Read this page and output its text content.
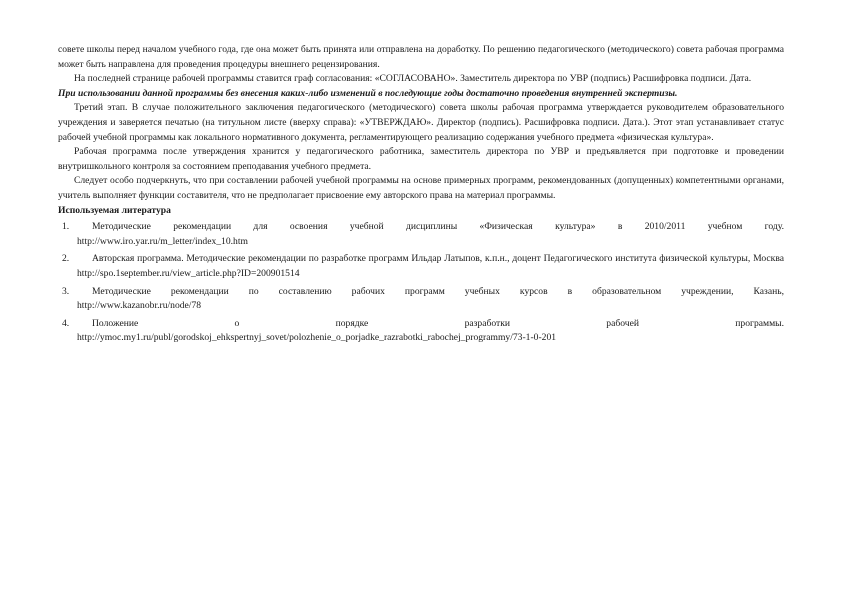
совете школы перед началом учебного года, где она может быть принята или отправлена на доработку. По решению педагогического (методического) совета рабочая программа может быть направлена для проведения процедуры внешнего рецензирования.

На последней странице рабочей программы ставится граф согласования: «СОГЛАСОВАНО». Заместитель директора по УВР (подпись) Расшифровка подписи. Дата.

При использовании данной программы без внесения каких-либо изменений в последующие годы достаточно проведения внутренней экспертизы.

Третий этап. В случае положительного заключения педагогического (методического) совета школы рабочая программа утверждается руководителем образовательного учреждения и заверяется печатью (на титульном листе (вверху справа): «УТВЕРЖДАЮ». Директор (подпись). Расшифровка подписи. Дата.). Этот этап устанавливает статус рабочей учебной программы как локального нормативного документа, регламентирующего реализацию содержания учебного предмета «физическая культура».

Рабочая программа после утверждения хранится у педагогического работника, заместитель директора по УВР и предъявляется при подготовке и проведении внутришкольного контроля за состоянием преподавания учебного предмета.

Следует особо подчеркнуть, что при составлении рабочей учебной программы на основе примерных программ, рекомендованных (допущенных) компетентными органами, учитель выполняет функции составителя, что не предполагает присвоение ему авторского права на материал программы.

Используемая литература

1.	Методические рекомендации для освоения учебной дисциплины «Физическая культура» в 2010/2011 учебном году.
http://www.iro.yar.ru/m_letter/index_10.htm
2.	Авторская программа. Методические рекомендации по разработке программ Ильдар Латыпов, к.п.н., доцент Педагогического института физической культуры, Москва http://spo.1september.ru/view_article.php?ID=200901514
3.	Методические рекомендации по составлению рабочих программ учебных курсов в образовательном учреждении, Казань,
http://www.kazanobr.ru/node/78
4.	Положение о порядке разработки рабочей программы.
http://ymoc.my1.ru/publ/gorodskoj_ehkspertnyj_sovet/polozhenie_o_porjadke_razrabotki_rabochej_programmy/73-1-0-201
